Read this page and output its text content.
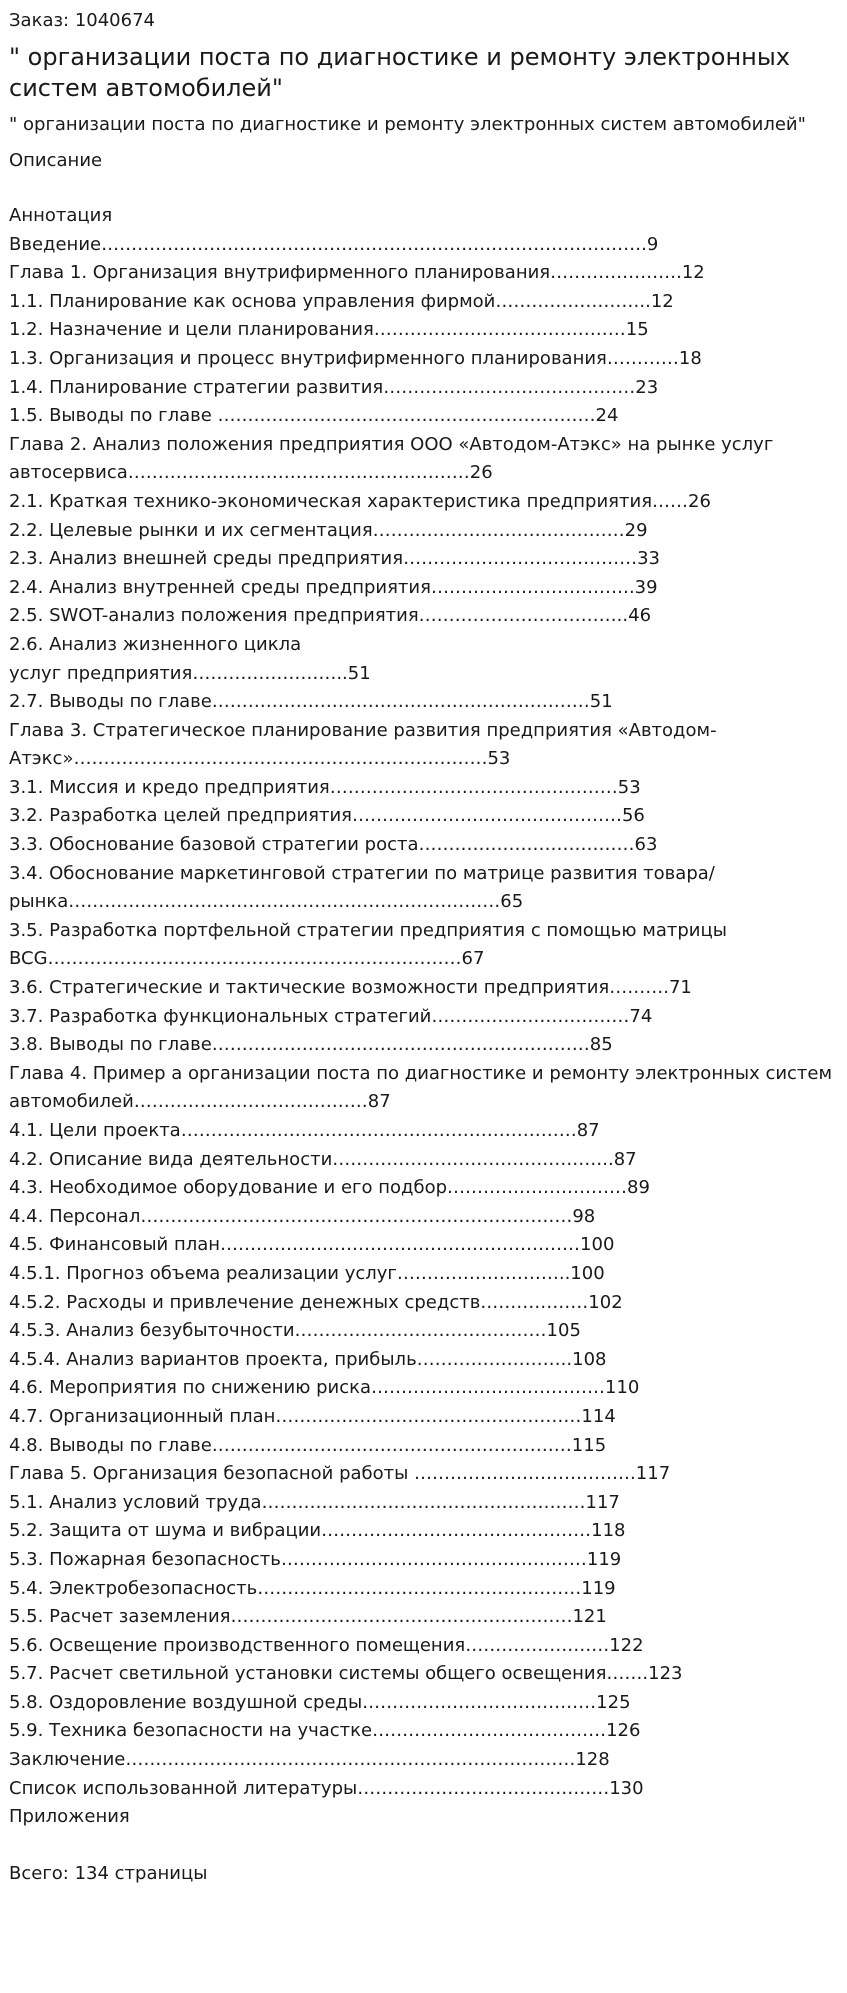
Заказ: 1040674
" организации поста по диагностике и ремонту электронных систем автомобилей"
" организации поста по диагностике и ремонту электронных систем автомобилей"
Описание
Аннотация
Введение……………………………………………………………………………….9
Глава 1. Организация внутрифирменного планирования………………….12
1.1. Планирование как основа управления фирмой……………………..12
1.2. Назначение и цели планирования……………………………………15
1.3. Организация и процесс внутрифирменного планирования…………18
1.4. Планирование стратегии развития……………………………………23
1.5. Выводы по главе ………………………………………………………24
Глава 2. Анализ положения предприятия ООО «Автодом-Атэкс» на рынке услуг автосервиса…………………………………………………26
2.1. Краткая технико-экономическая характеристика предприятия……26
2.2. Целевые рынки и их сегментация……………………………………29
2.3. Анализ внешней среды предприятия…………………………………33
2.4. Анализ внутренней среды предприятия…………………………….39
2.5. SWOT-анализ положения предприятия……………………………..46
2.6. Анализ жизненного цикла
услуг предприятия……………………..51
2.7. Выводы по главе………………………………………………………51
Глава 3. Стратегическое планирование развития предприятия «Автодом-Атэкс»……………………………………………………………53
3.1. Миссия и кредо предприятия…………………………………………53
3.2. Разработка целей предприятия………………………………………56
3.3. Обоснование базовой стратегии роста………………………………63
3.4. Обоснование маркетинговой стратегии по матрице развития товара/рынка………………………………………………………………65
3.5. Разработка портфельной стратегии предприятия с помощью матрицы BCG……………………………………………………………67
3.6. Стратегические и тактические возможности предприятия……….71
3.7. Разработка функциональных стратегий……………………………74
3.8. Выводы по главе………………………………………………………85
Глава 4. Пример а организации поста по диагностике и ремонту электронных систем автомобилей…………………………………87
4.1. Цели проекта…………………………………………………………87
4.2. Описание вида деятельности………………………………………..87
4.3. Необходимое оборудование и его подбор…………………………89
4.4. Персонал………………………………………………………………98
4.5. Финансовый план……………………………………………………100
4.5.1. Прогноз объема реализации услуг………………………..100
4.5.2. Расходы и привлечение денежных средств………………102
4.5.3. Анализ безубыточности……………………………………105
4.5.4. Анализ вариантов проекта, прибыль……………………..108
4.6. Мероприятия по снижению риска…………………………………110
4.7. Организационный план……………………………………………114
4.8. Выводы по главе……………………………………………………115
Глава 5. Организация безопасной работы ……………………………….117
5.1. Анализ условий труда………………………………………………117
5.2. Защита от шума и вибрации………………………………………118
5.3. Пожарная безопасность……………………………………………119
5.4. Электробезопасность………………………………………………119
5.5. Расчет заземления…………………………………………………121
5.6. Освещение производственного помещения……………………122
5.7. Расчет светильной установки системы общего освещения…….123
5.8. Оздоровление воздушной среды…………………………………125
5.9. Техника безопасности на участке…………………………………126
Заключение…………………………………………………………………128
Список использованной литературы……………………………………130
Приложения
Всего: 134 страницы
